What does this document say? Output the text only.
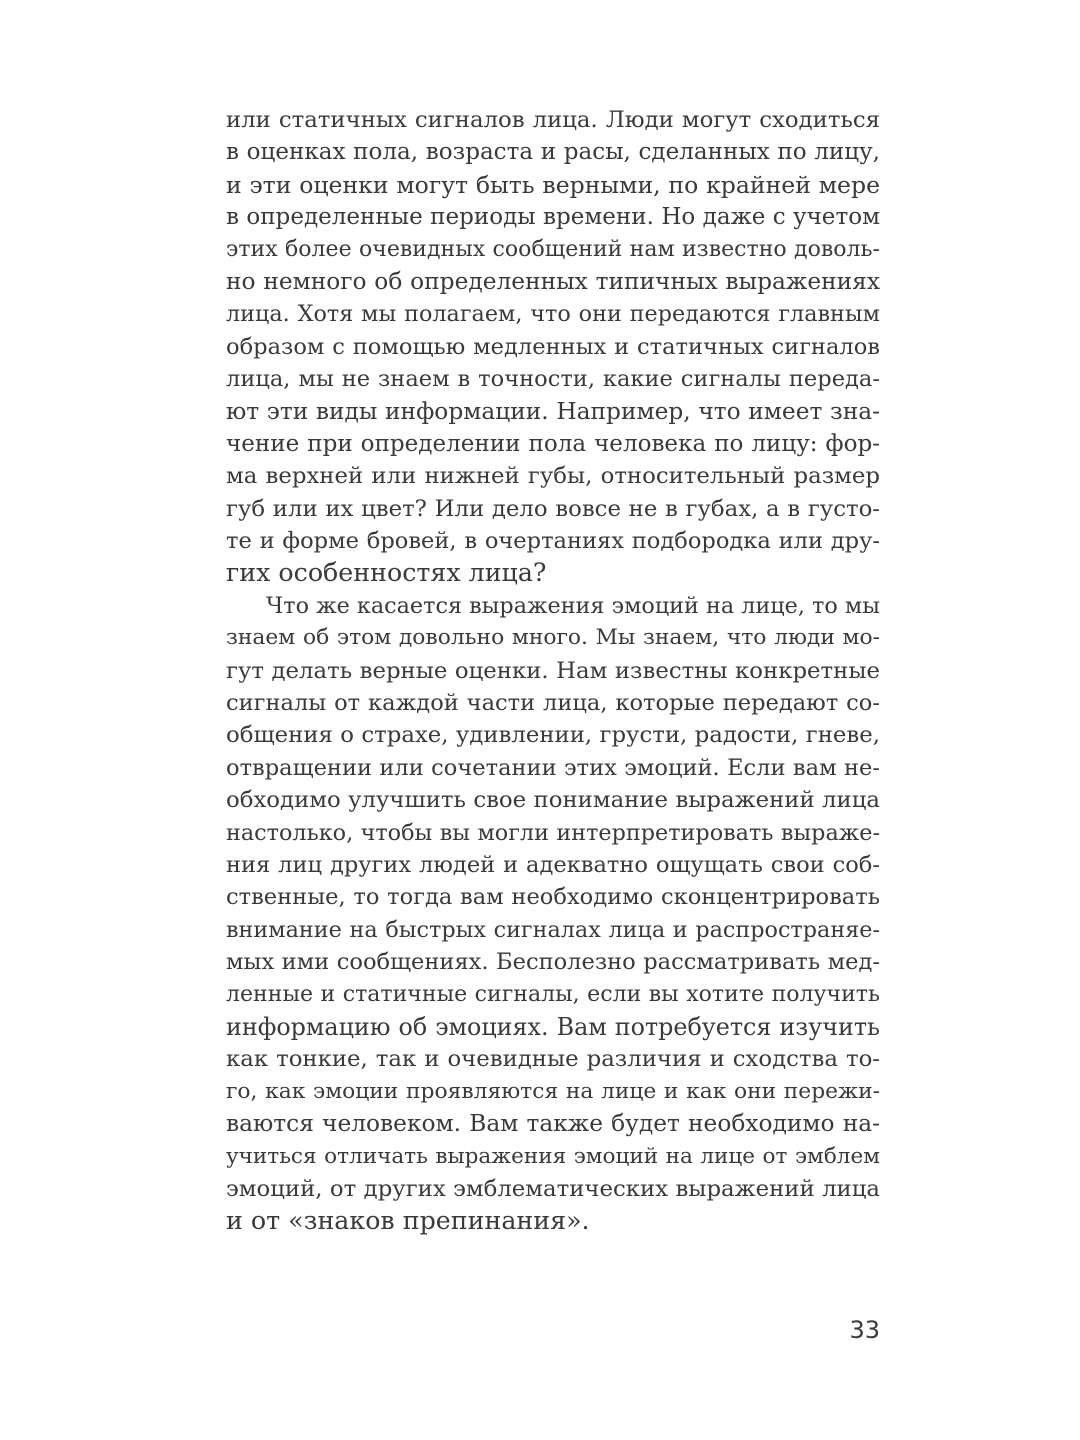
или статичных сигналов лица. Люди могут сходиться
в оценках пола, возраста и расы, сделанных по лицу,
и эти оценки могут быть верными, по крайней мере
в определенные периоды времени. Но даже с учетом
этих более очевидных сообщений нам известно доволь-
но немного об определенных типичных выражениях
лица. Хотя мы полагаем, что они передаются главным
образом с помощью медленных и статичных сигналов
лица, мы не знаем в точности, какие сигналы переда-
ют эти виды информации. Например, что имеет зна-
чение при определении пола человека по лицу: фор-
ма верхней или нижней губы, относительный размер
губ или их цвет? Или дело вовсе не в губах, а в густо-
те и форме бровей, в очертаниях подбородка или дру-
гих особенностях лица?
Что же касается выражения эмоций на лице, то мы
знаем об этом довольно много. Мы знаем, что люди мо-
гут делать верные оценки. Нам известны конкретные
сигналы от каждой части лица, которые передают со-
общения о страхе, удивлении, грусти, радости, гневе,
отвращении или сочетании этих эмоций. Если вам не-
обходимо улучшить свое понимание выражений лица
настолько, чтобы вы могли интерпретировать выраже-
ния лиц других людей и адекватно ощущать свои соб-
ственные, то тогда вам необходимо сконцентрировать
внимание на быстрых сигналах лица и распространяе-
мых ими сообщениях. Бесполезно рассматривать мед-
ленные и статичные сигналы, если вы хотите получить
информацию об эмоциях. Вам потребуется изучить
как тонкие, так и очевидные различия и сходства то-
го, как эмоции проявляются на лице и как они пережи-
ваются человеком. Вам также будет необходимо на-
учиться отличать выражения эмоций на лице от эмблем
эмоций, от других эмблематических выражений лица
и от «знаков препинания».
33
